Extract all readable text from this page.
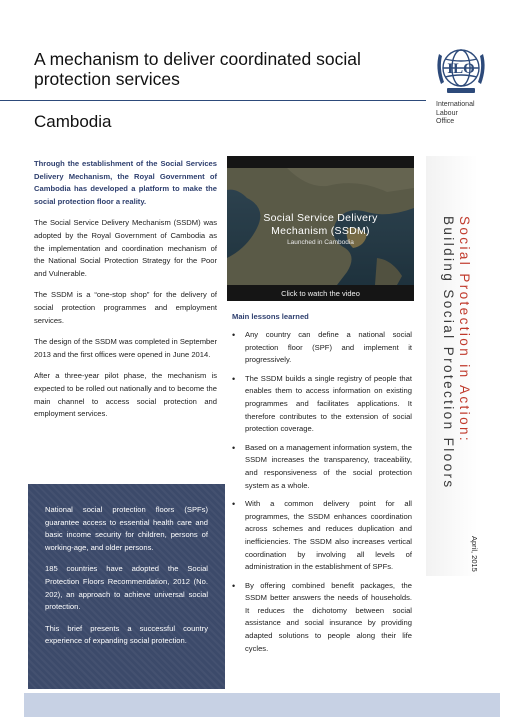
A mechanism to deliver coordinated social protection services	ILO
International
Labour
Office
Cambodia

Through the establishment of the Social Services Delivery Mechanism, the Royal Government of Cambodia has developed a platform to make the social protection floor a reality.

The Social Service Delivery Mechanism (SSDM) was adopted by the Royal Government of Cambodia as the implementation and coordination mechanism of the National Social Protection Strategy for the Poor and Vulnerable.

The SSDM is a “one-stop shop” for the delivery of social protection programmes and employment services.

The design of the SSDM was completed in September 2013 and the first offices were opened in June 2014.

After a three-year pilot phase, the mechanism is expected to be rolled out nationally and to become the main channel to access social protection and employment services.

National social protection floors (SPFs) guarantee access to essential health care and basic income security for children, persons of working-age, and older persons.

185 countries have adopted the Social Protection Floors Recommendation, 2012 (No. 202), an approach to achieve universal social protection.

This brief presents a successful country experience of expanding social protection.

Social Service Delivery
Mechanism (SSDM)
Launched in Cambodia
Click to watch the video
Main lessons learned
• Any country can define a national social protection floor (SPF) and implement it progressively.
• The SSDM builds a single registry of people that enables them to access information on existing programmes and facilitates applications. It therefore contributes to the extension of social protection coverage.
• Based on a management information system, the SSDM increases the transparency, traceability, and responsiveness of the social protection system as a whole.
• With a common delivery point for all programmes, the SSDM enhances coordination across schemes and reduces duplication and inefficiencies. The SSDM also increases vertical coordination by involving all levels of administration in the establishment of SPFs.
• By offering combined benefit packages, the SSDM better answers the needs of households. It reduces the dichotomy between social assistance and social insurance by providing adapted solutions to people along their life cycles.
Social Protection in Action:
Building Social Protection Floors
April, 2015
